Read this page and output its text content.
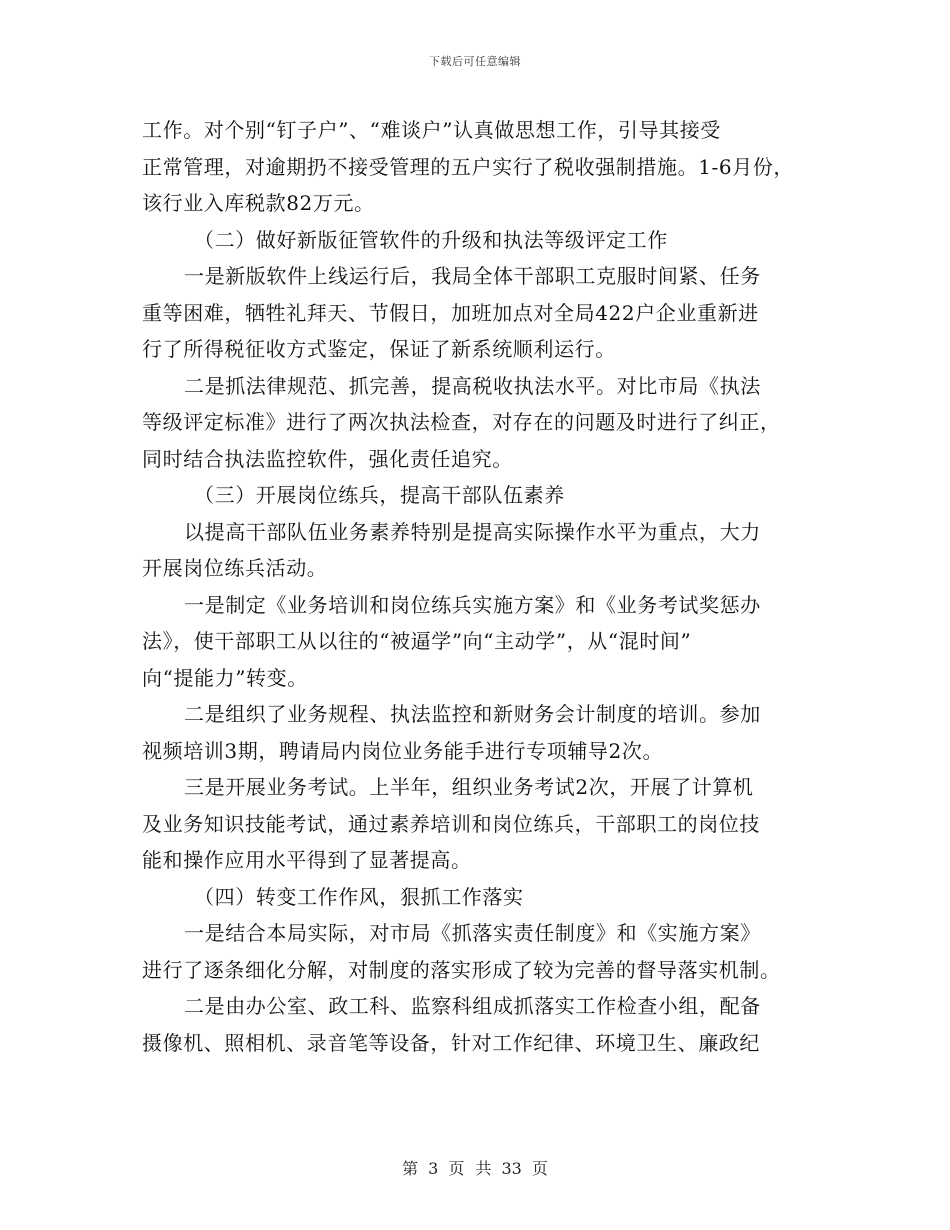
下载后可任意编辑
工作。对个别“钉子户”、“难谈户”认真做思想工作，引导其接受
正常管理，对逾期扔不接受管理的五户实行了税收强制措施。1-6月份，
该行业入库税款82万元。
（二）做好新版征管软件的升级和执法等级评定工作
一是新版软件上线运行后，我局全体干部职工克服时间紧、任务
重等困难，牺牲礼拜天、节假日，加班加点对全局422户企业重新进
行了所得税征收方式鉴定，保证了新系统顺利运行。
二是抓法律规范、抓完善，提高税收执法水平。对比市局《执法
等级评定标准》进行了两次执法检查，对存在的问题及时进行了纠正，
同时结合执法监控软件，强化责任追究。
（三）开展岗位练兵，提高干部队伍素养
以提高干部队伍业务素养特别是提高实际操作水平为重点，大力
开展岗位练兵活动。
一是制定《业务培训和岗位练兵实施方案》和《业务考试奖惩办
法》，使干部职工从以往的“被逼学”向“主动学”，从“混时间”
向“提能力”转变。
二是组织了业务规程、执法监控和新财务会计制度的培训。参加
视频培训3期，聘请局内岗位业务能手进行专项辅导2次。
三是开展业务考试。上半年，组织业务考试2次，开展了计算机
及业务知识技能考试，通过素养培训和岗位练兵，干部职工的岗位技
能和操作应用水平得到了显著提高。
（四）转变工作作风，狠抓工作落实
一是结合本局实际，对市局《抓落实责任制度》和《实施方案》
进行了逐条细化分解，对制度的落实形成了较为完善的督导落实机制。
二是由办公室、政工科、监察科组成抓落实工作检查小组，配备
摄像机、照相机、录音笔等设备，针对工作纪律、环境卫生、廉政纪
第 3 页 共 33 页
